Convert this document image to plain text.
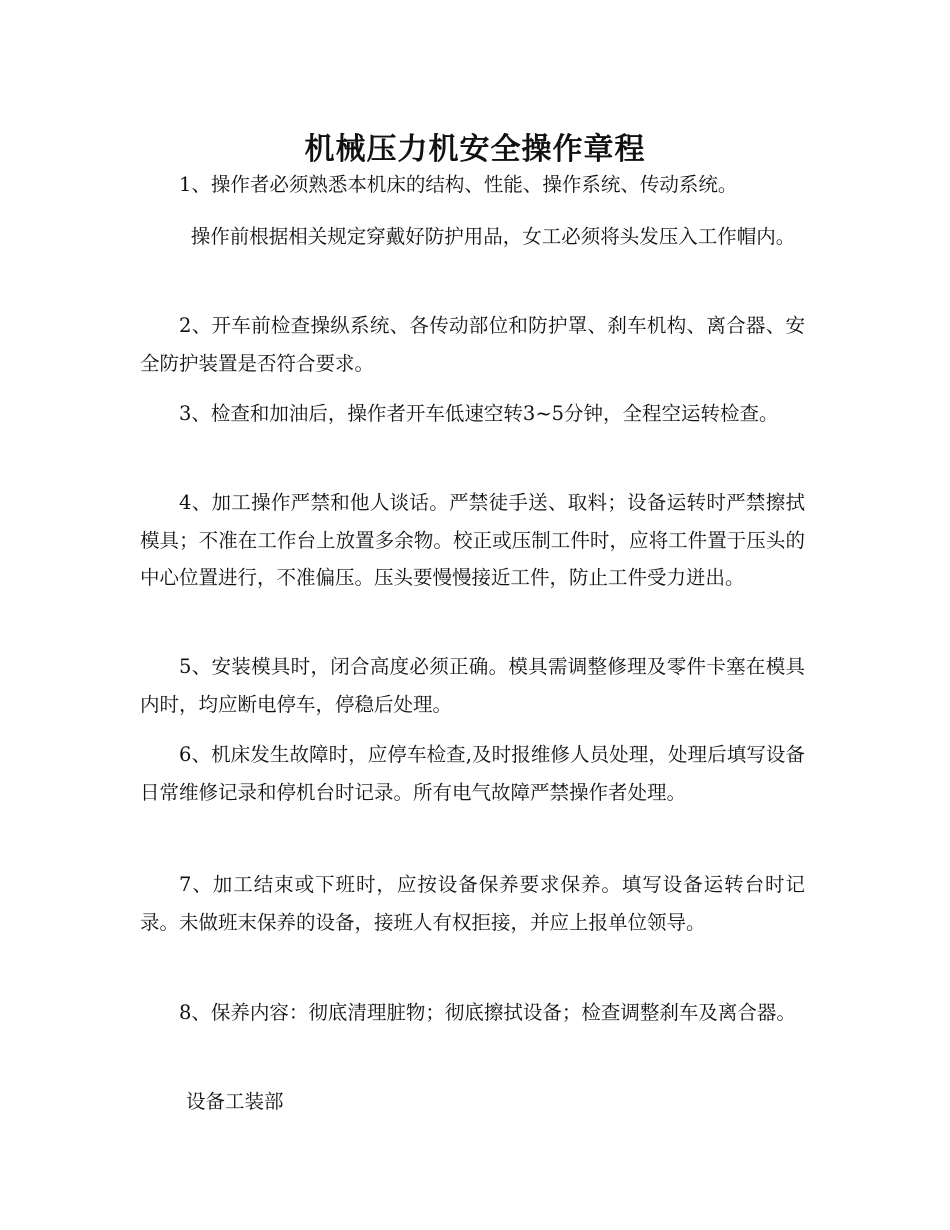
机械压力机安全操作章程

1、操作者必须熟悉本机床的结构、性能、操作系统、传动系统。

操作前根据相关规定穿戴好防护用品，女工必须将头发压入工作帽内。

2、开车前检查操纵系统、各传动部位和防护罩、刹车机构、离合器、安全防护装置是否符合要求。

3、检查和加油后，操作者开车低速空转3~5分钟，全程空运转检查。

4、加工操作严禁和他人谈话。严禁徒手送、取料；设备运转时严禁擦拭模具；不准在工作台上放置多余物。校正或压制工件时，应将工件置于压头的中心位置进行，不准偏压。压头要慢慢接近工件，防止工件受力迸出。

5、安装模具时，闭合高度必须正确。模具需调整修理及零件卡塞在模具内时，均应断电停车，停稳后处理。

6、机床发生故障时，应停车检查,及时报维修人员处理，处理后填写设备日常维修记录和停机台时记录。所有电气故障严禁操作者处理。

7、加工结束或下班时，应按设备保养要求保养。填写设备运转台时记录。未做班末保养的设备，接班人有权拒接，并应上报单位领导。

8、保养内容：彻底清理脏物；彻底擦拭设备；检查调整刹车及离合器。

设备工装部
